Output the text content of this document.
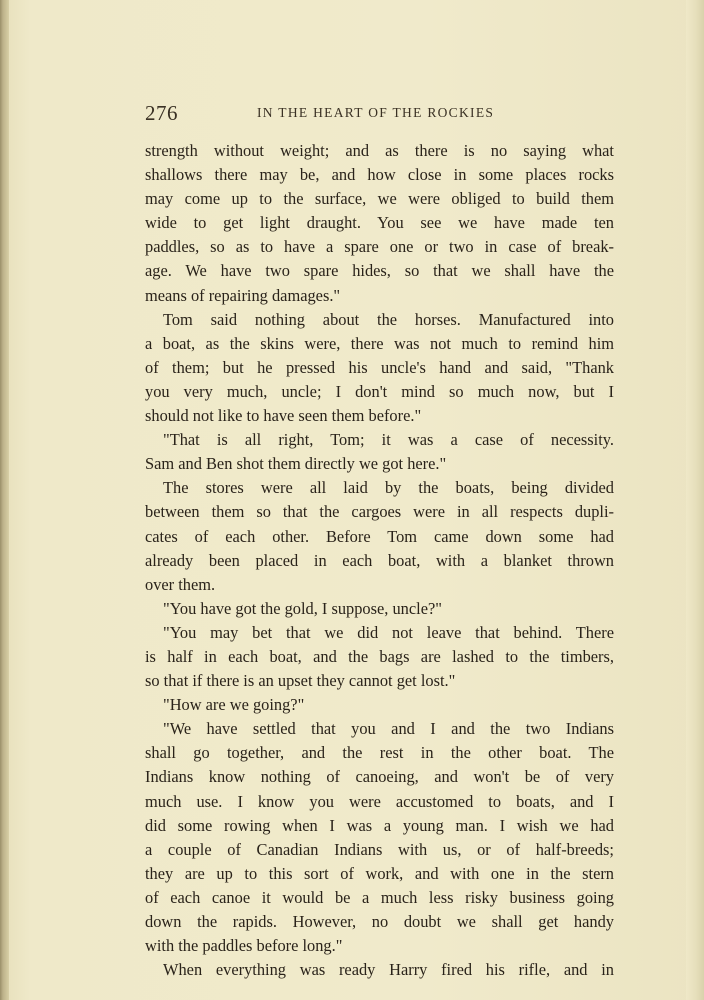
276	IN THE HEART OF THE ROCKIES
strength without weight; and as there is no saying what
shallows there may be, and how close in some places rocks
may come up to the surface, we were obliged to build them
wide to get light draught. You see we have made ten
paddles, so as to have a spare one or two in case of break-
age. We have two spare hides, so that we shall have the
means of repairing damages."
Tom said nothing about the horses. Manufactured into
a boat, as the skins were, there was not much to remind him
of them; but he pressed his uncle's hand and said, "Thank
you very much, uncle; I don't mind so much now, but I
should not like to have seen them before."
"That is all right, Tom; it was a case of necessity.
Sam and Ben shot them directly we got here."
The stores were all laid by the boats, being divided
between them so that the cargoes were in all respects dupli-
cates of each other. Before Tom came down some had
already been placed in each boat, with a blanket thrown
over them.
"You have got the gold, I suppose, uncle?"
"You may bet that we did not leave that behind. There
is half in each boat, and the bags are lashed to the timbers,
so that if there is an upset they cannot get lost."
"How are we going?"
"We have settled that you and I and the two Indians
shall go together, and the rest in the other boat. The
Indians know nothing of canoeing, and won't be of very
much use. I know you were accustomed to boats, and I
did some rowing when I was a young man. I wish we had
a couple of Canadian Indians with us, or of half-breeds;
they are up to this sort of work, and with one in the stern
of each canoe it would be a much less risky business going
down the rapids. However, no doubt we shall get handy
with the paddles before long."
When everything was ready Harry fired his rifle, and in
